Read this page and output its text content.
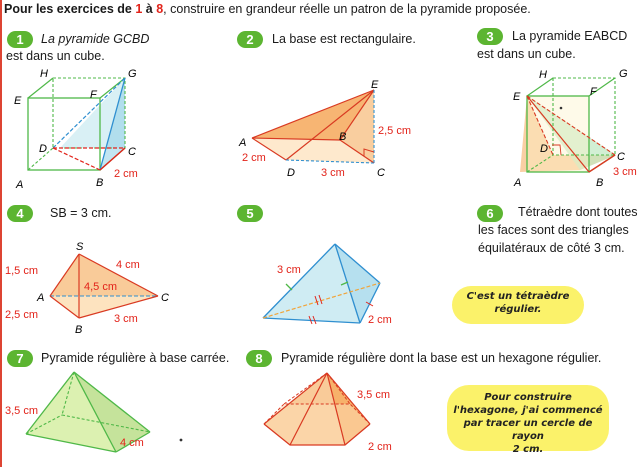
Pour les exercices de 1 à 8, construire en grandeur réelle un patron de la pyramide proposée.
1	2	3
4	5	6
7	8
La pyramide GCBD
est dans un cube.
La base est rectangulaire.	La pyramide EABCD
est dans un cube.
SB = 3 cm.	Tétraèdre dont toutes
les faces sont des triangles
équilatéraux de côté 3 cm.
Pyramide régulière à base carrée.	Pyramide régulière dont la base est un hexagone régulier.
C'est un tétraèdre
régulier.
Pour construire
l'hexagone, j'ai commencé
par tracer un cercle de rayon
2 cm.
H	G
E	F
D	C
A	B
2 cm
E
A	B
D	C
2,5 cm
2 cm
3 cm
H	G
E	F
D
C
A	B
3 cm
S
A
B
C
1,5 cm	4 cm
4,5 cm
2,5 cm	3 cm
3 cm
2 cm
3,5 cm
4 cm
3,5 cm
2 cm
